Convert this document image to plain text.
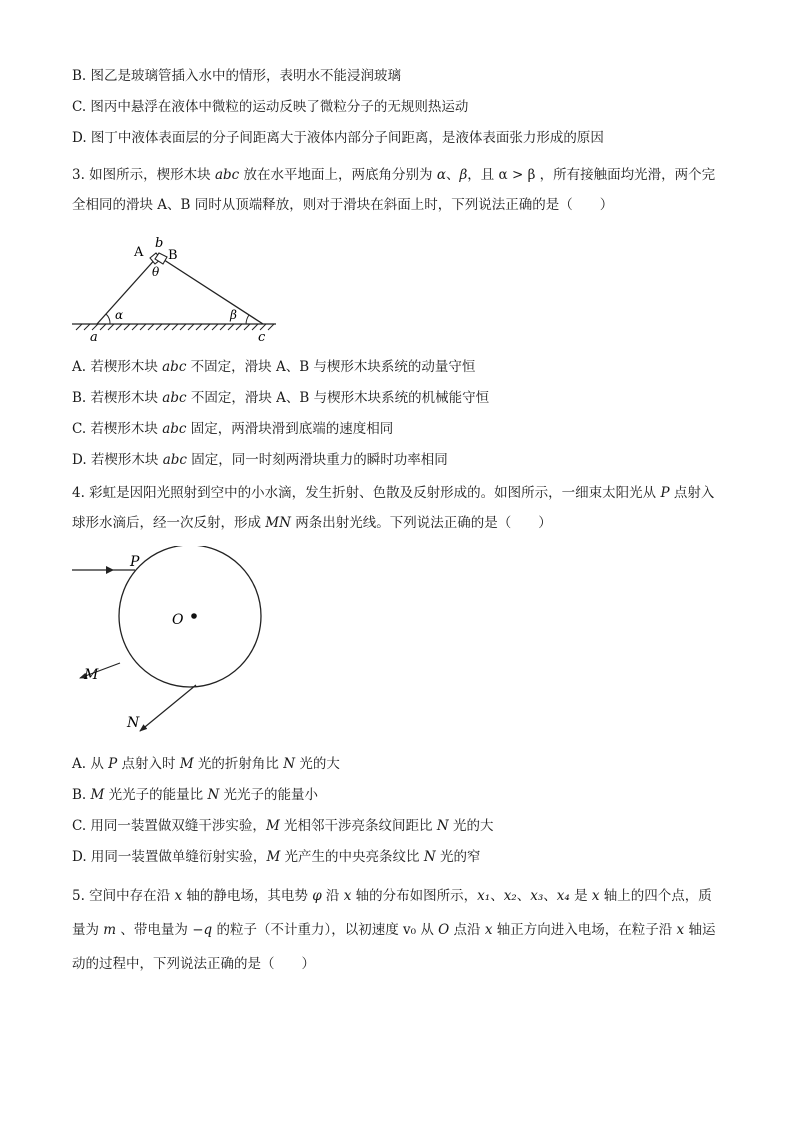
B. 图乙是玻璃管插入水中的情形，表明水不能浸润玻璃
C. 图丙中悬浮在液体中微粒的运动反映了微粒分子的无规则热运动
D. 图丁中液体表面层的分子间距离大于液体内部分子间距离，是液体表面张力形成的原因
3. 如图所示，楔形木块 abc 放在水平地面上，两底角分别为 α、β，且 α > β ，所有接触面均光滑，两个完全相同的滑块 A、B 同时从顶端释放，则对于滑块在斜面上时，下列说法正确的是（　　）
A
b
B
θ
α	β
a	c
A. 若楔形木块 abc 不固定，滑块 A、B 与楔形木块系统的动量守恒
B. 若楔形木块 abc 不固定，滑块 A、B 与楔形木块系统的机械能守恒
C. 若楔形木块 abc 固定，两滑块滑到底端的速度相同
D. 若楔形木块 abc 固定，同一时刻两滑块重力的瞬时功率相同
4. 彩虹是因阳光照射到空中的小水滴，发生折射、色散及反射形成的。如图所示，一细束太阳光从 P 点射入球形水滴后，经一次反射，形成 MN 两条出射光线。下列说法正确的是（　　）
P
O
M
N
A. 从 P 点射入时 M 光的折射角比 N 光的大
B. M 光光子的能量比 N 光光子的能量小
C. 用同一装置做双缝干涉实验，M 光相邻干涉亮条纹间距比 N 光的大
D. 用同一装置做单缝衍射实验，M 光产生的中央亮条纹比 N 光的窄
5. 空间中存在沿 x 轴的静电场，其电势 φ 沿 x 轴的分布如图所示，x₁、x₂、x₃、x₄ 是 x 轴上的四个点，质量为 m 、带电量为 −q 的粒子（不计重力），以初速度 v₀ 从 O 点沿 x 轴正方向进入电场，在粒子沿 x 轴运动的过程中，下列说法正确的是（　　）
